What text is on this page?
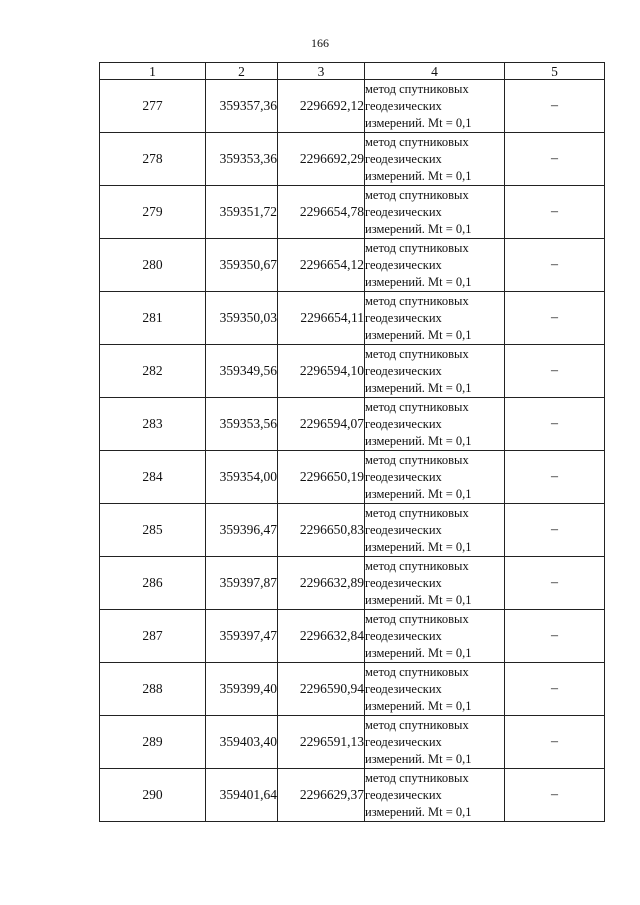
166
1	2	3	4	5
277	359357,36	2296692,12	метод спутниковых
геодезических
измерений. Mt = 0,1	–
278	359353,36	2296692,29	метод спутниковых
геодезических
измерений. Mt = 0,1	–
279	359351,72	2296654,78	метод спутниковых
геодезических
измерений. Mt = 0,1	–
280	359350,67	2296654,12	метод спутниковых
геодезических
измерений. Mt = 0,1	–
281	359350,03	2296654,11	метод спутниковых
геодезических
измерений. Mt = 0,1	–
282	359349,56	2296594,10	метод спутниковых
геодезических
измерений. Mt = 0,1	–
283	359353,56	2296594,07	метод спутниковых
геодезических
измерений. Mt = 0,1	–
284	359354,00	2296650,19	метод спутниковых
геодезических
измерений. Mt = 0,1	–
285	359396,47	2296650,83	метод спутниковых
геодезических
измерений. Mt = 0,1	–
286	359397,87	2296632,89	метод спутниковых
геодезических
измерений. Mt = 0,1	–
287	359397,47	2296632,84	метод спутниковых
геодезических
измерений. Mt = 0,1	–
288	359399,40	2296590,94	метод спутниковых
геодезических
измерений. Mt = 0,1	–
289	359403,40	2296591,13	метод спутниковых
геодезических
измерений. Mt = 0,1	–
290	359401,64	2296629,37	метод спутниковых
геодезических
измерений. Mt = 0,1	–
